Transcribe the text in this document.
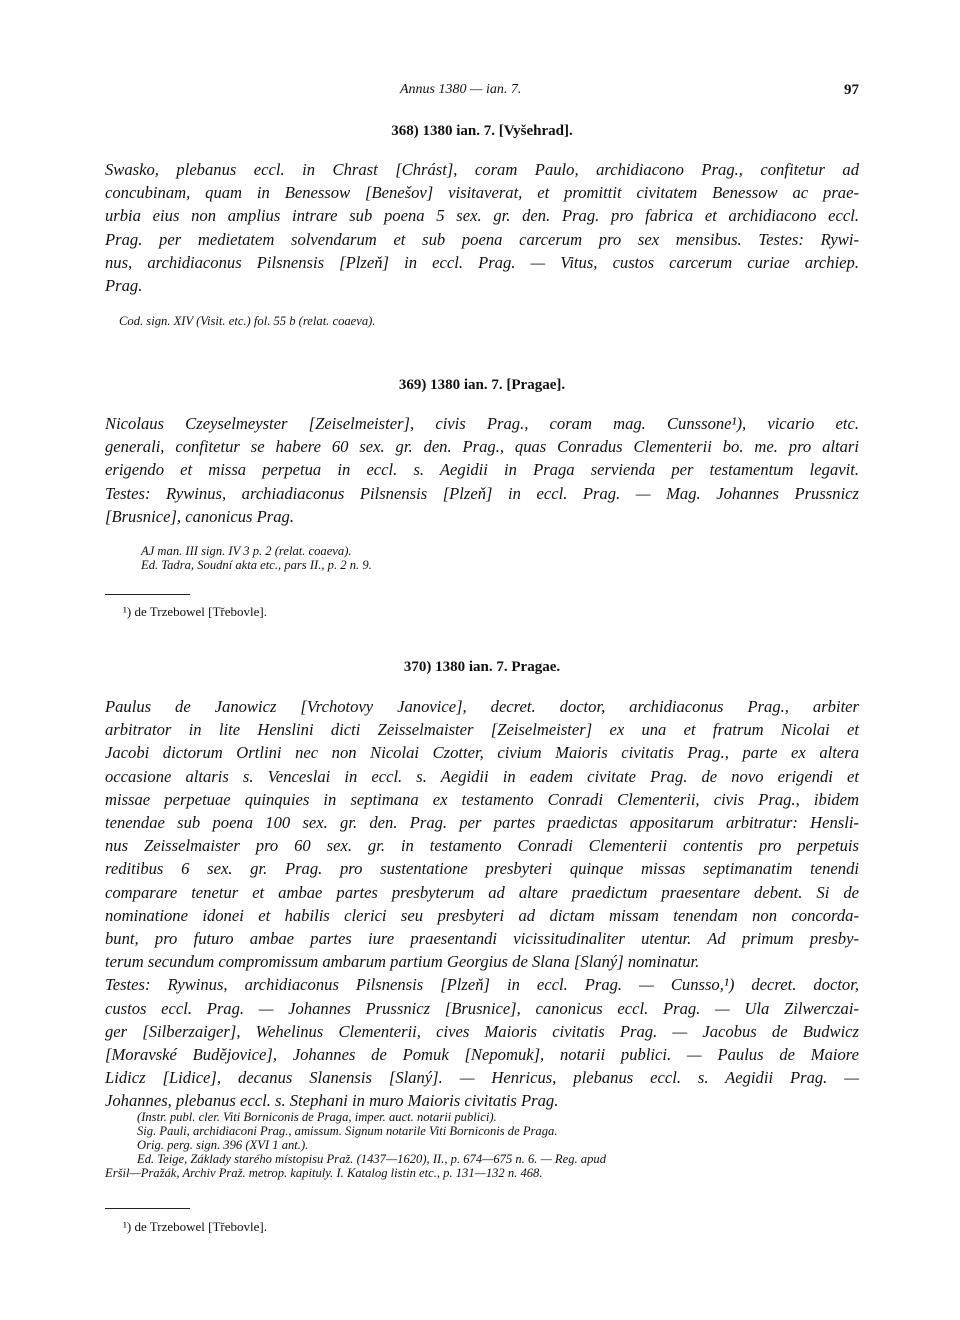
Annus 1380 — ian. 7.	97
368) 1380 ian. 7. [Vyšehrad].
Swasko, plebanus eccl. in Chrast [Chrást], coram Paulo, archidiacono Prag., confitetur ad
concubinam, quam in Benessow [Benešov] visitaverat, et promittit civitatem Benessow ac prae-
urbia eius non amplius intrare sub poena 5 sex. gr. den. Prag. pro fabrica et archidiacono eccl.
Prag. per medietatem solvendarum et sub poena carcerum pro sex mensibus. Testes: Rywi-
nus, archidiaconus Pilsnensis [Plzeň] in eccl. Prag. — Vitus, custos carcerum curiae archiep.
Prag.
Cod. sign. XIV (Visit. etc.) fol. 55 b (relat. coaeva).
369) 1380 ian. 7. [Pragae].
Nicolaus Czeyselmeyster [Zeiselmeister], civis Prag., coram mag. Cunssone¹), vicario etc.
generali, confitetur se habere 60 sex. gr. den. Prag., quas Conradus Clementerii bo. me. pro altari
erigendo et missa perpetua in eccl. s. Aegidii in Praga servienda per testamentum legavit.
Testes: Rywinus, archiadiaconus Pilsnensis [Plzeň] in eccl. Prag. — Mag. Johannes Prussnicz
[Brusnice], canonicus Prag.
AJ man. III sign. IV 3 p. 2 (relat. coaeva).
Ed. Tadra, Soudní akta etc., pars II., p. 2 n. 9.
¹) de Trzebowel [Třebovle].
370) 1380 ian. 7. Pragae.
Paulus de Janowicz [Vrchotovy Janovice], decret. doctor, archidiaconus Prag., arbiter
arbitrator in lite Henslini dicti Zeisselmaister [Zeiselmeister] ex una et fratrum Nicolai et
Jacobi dictorum Ortlini nec non Nicolai Czotter, civium Maioris civitatis Prag., parte ex altera
occasione altaris s. Venceslai in eccl. s. Aegidii in eadem civitate Prag. de novo erigendi et
missae perpetuae quinquies in septimana ex testamento Conradi Clementerii, civis Prag., ibidem
tenendae sub poena 100 sex. gr. den. Prag. per partes praedictas appositarum arbitratur: Hensli-
nus Zeisselmaister pro 60 sex. gr. in testamento Conradi Clementerii contentis pro perpetuis
reditibus 6 sex. gr. Prag. pro sustentatione presbyteri quinque missas septimanatim tenendi
comparare tenetur et ambae partes presbyterum ad altare praedictum praesentare debent. Si de
nominatione idonei et habilis clerici seu presbyteri ad dictam missam tenendam non concorda-
bunt, pro futuro ambae partes iure praesentandi vicissitudinaliter utentur. Ad primum presby-
terum secundum compromissum ambarum partium Georgius de Slana [Slaný] nominatur.
Testes: Rywinus, archidiaconus Pilsnensis [Plzeň] in eccl. Prag. — Cunsso,¹) decret. doctor,
custos eccl. Prag. — Johannes Prussnicz [Brusnice], canonicus eccl. Prag. — Ula Zilwerczai-
ger [Silberzaiger], Wehelinus Clementerii, cives Maioris civitatis Prag. — Jacobus de Budwicz
[Moravské Budějovice], Johannes de Pomuk [Nepomuk], notarii publici. — Paulus de Maiore
Lidicz [Lidice], decanus Slanensis [Slaný]. — Henricus, plebanus eccl. s. Aegidii Prag. —
Johannes, plebanus eccl. s. Stephani in muro Maioris civitatis Prag.
(Instr. publ. cler. Viti Borniconis de Praga, imper. auct. notarii publici).
Sig. Pauli, archidiaconi Prag., amissum. Signum notarile Viti Borniconis de Praga.
Orig. perg. sign. 396 (XVI 1 ant.).
Ed. Teige, Základy starého místopisu Praž. (1437—1620), II., p. 674—675 n. 6. — Reg. apud
Eršil—Pražák, Archiv Praž. metrop. kapituly. I. Katalog listin etc., p. 131—132 n. 468.
¹) de Trzebowel [Třebovle].
